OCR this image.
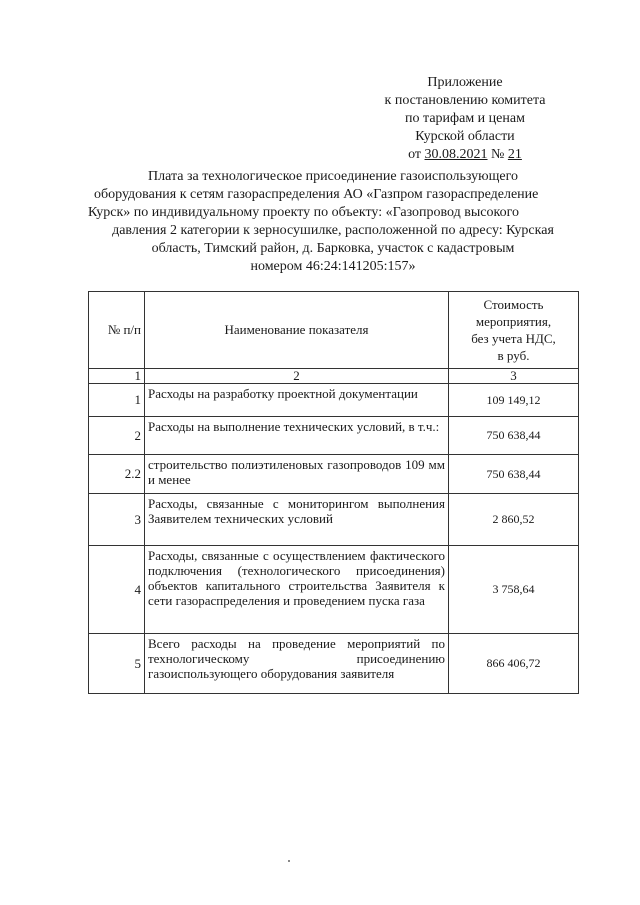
Приложение
к постановлению комитета
по тарифам и ценам
Курской области
от 30.08.2021 № 21
Плата за технологическое присоединение газоиспользующего
оборудования к сетям газораспределения АО «Газпром газораспределение
Курск» по индивидуальному проекту по объекту: «Газопровод высокого
давления 2 категории к зерносушилке, расположенной по адресу: Курская
область, Тимский район, д. Барковка, участок с кадастровым
номером 46:24:141205:157»
№ п/п	Наименование показателя	Стоимость
мероприятия,
без учета НДС,
в руб.

1	2	3
1	Расходы на разработку проектной документации	109 149,12
2	Расходы на выполнение технических условий, в т.ч.:	750 638,44
2.2	строительство полиэтиленовых газопроводов 109 мм и менее	750 638,44
3	Расходы, связанные с мониторингом выполнения Заявителем технических условий	2 860,52
4	Расходы, связанные с осуществлением фактического подключения (технологического присоединения) объектов капитального строительства Заявителя к сети газораспределения и проведением пуска газа	3 758,64
5	Всего расходы на проведение мероприятий по технологическому присоединению газоиспользующего оборудования заявителя	866 406,72
